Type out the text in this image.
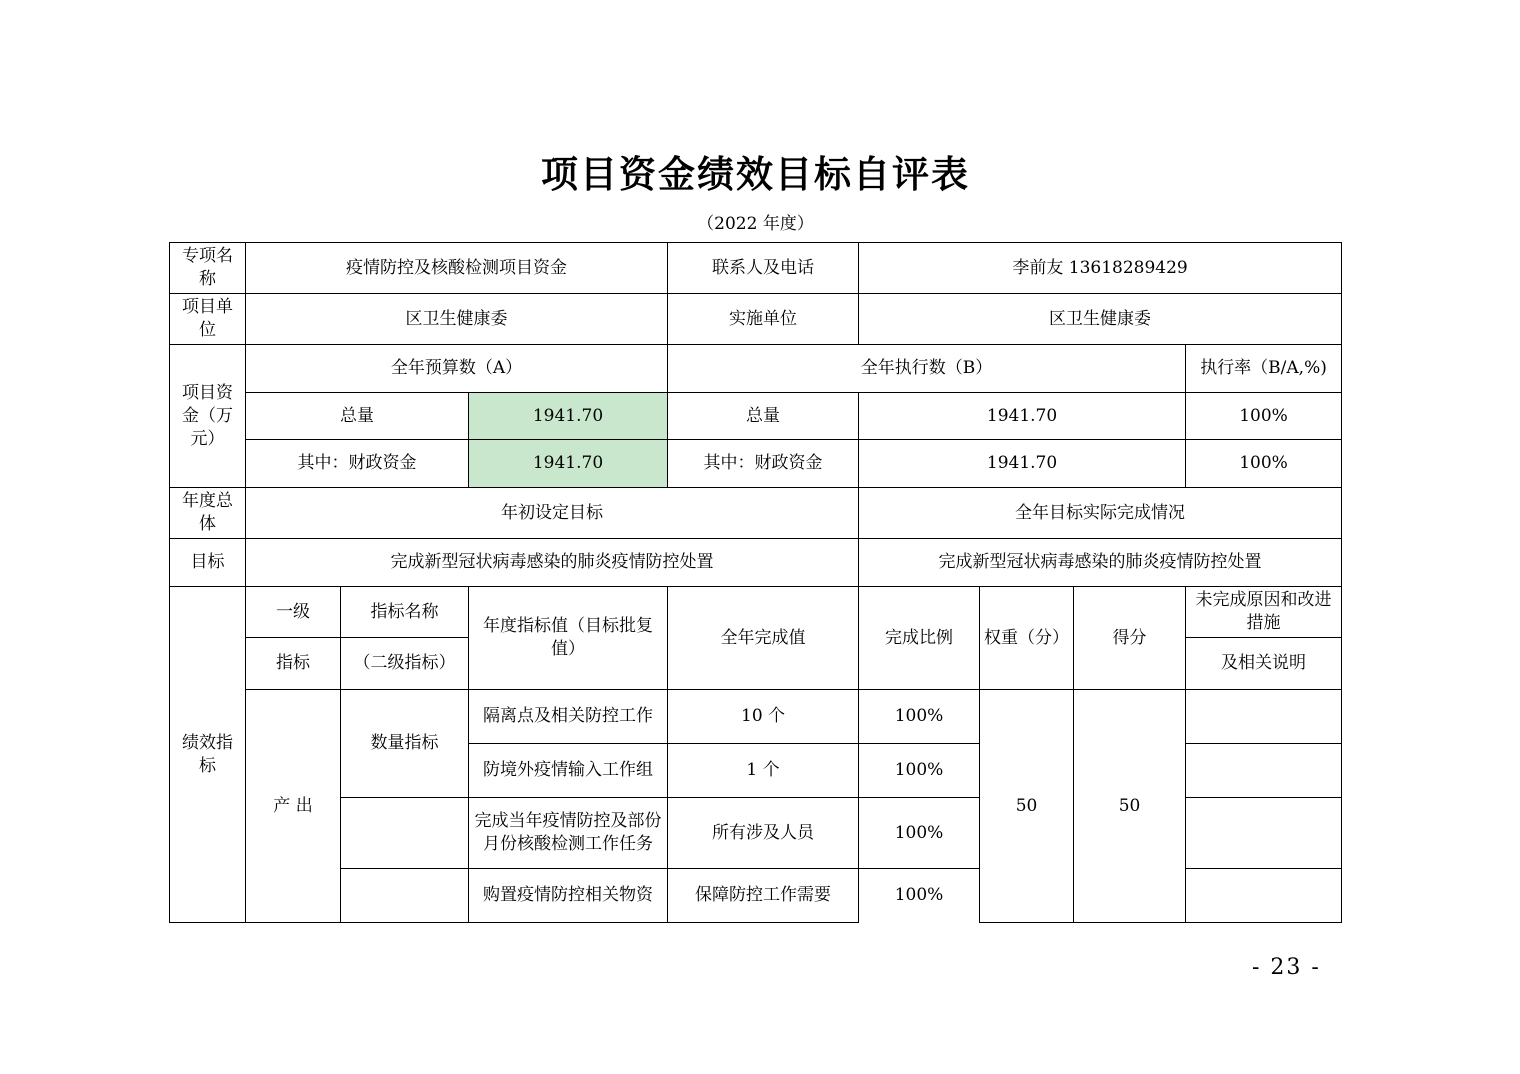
项目资金绩效目标自评表
（2022 年度）
专项名称	疫情防控及核酸检测项目资金			联系人及电话	李前友 13618289429			
项目单位	区卫生健康委			实施单位	区卫生健康委			
项目资金（万元）	全年预算数（A）			全年执行数（B）				执行率（B/A,%)
	总量		1941.70	总量	1941.70			100%
	其中：财政资金		1941.70	其中：财政资金	1941.70			100%
年度总体	年初设定目标				全年目标实际完成情况			
目标	完成新型冠状病毒感染的肺炎疫情防控处置				完成新型冠状病毒感染的肺炎疫情防控处置			
绩效指标	一级	指标名称	年度指标值（目标批复值）	全年完成值	完成比例	权重（分）	得分	未完成原因和改进措施
	指标	（二级指标）						及相关说明
	产 出	数量指标	隔离点及相关防控工作	10 个	100%	50	50	
			防境外疫情输入工作组	1 个	100%			
			完成当年疫情防控及部份月份核酸检测工作任务	所有涉及人员	100%			
			购置疫情防控相关物资	保障防控工作需要	100%			
- 23 -
